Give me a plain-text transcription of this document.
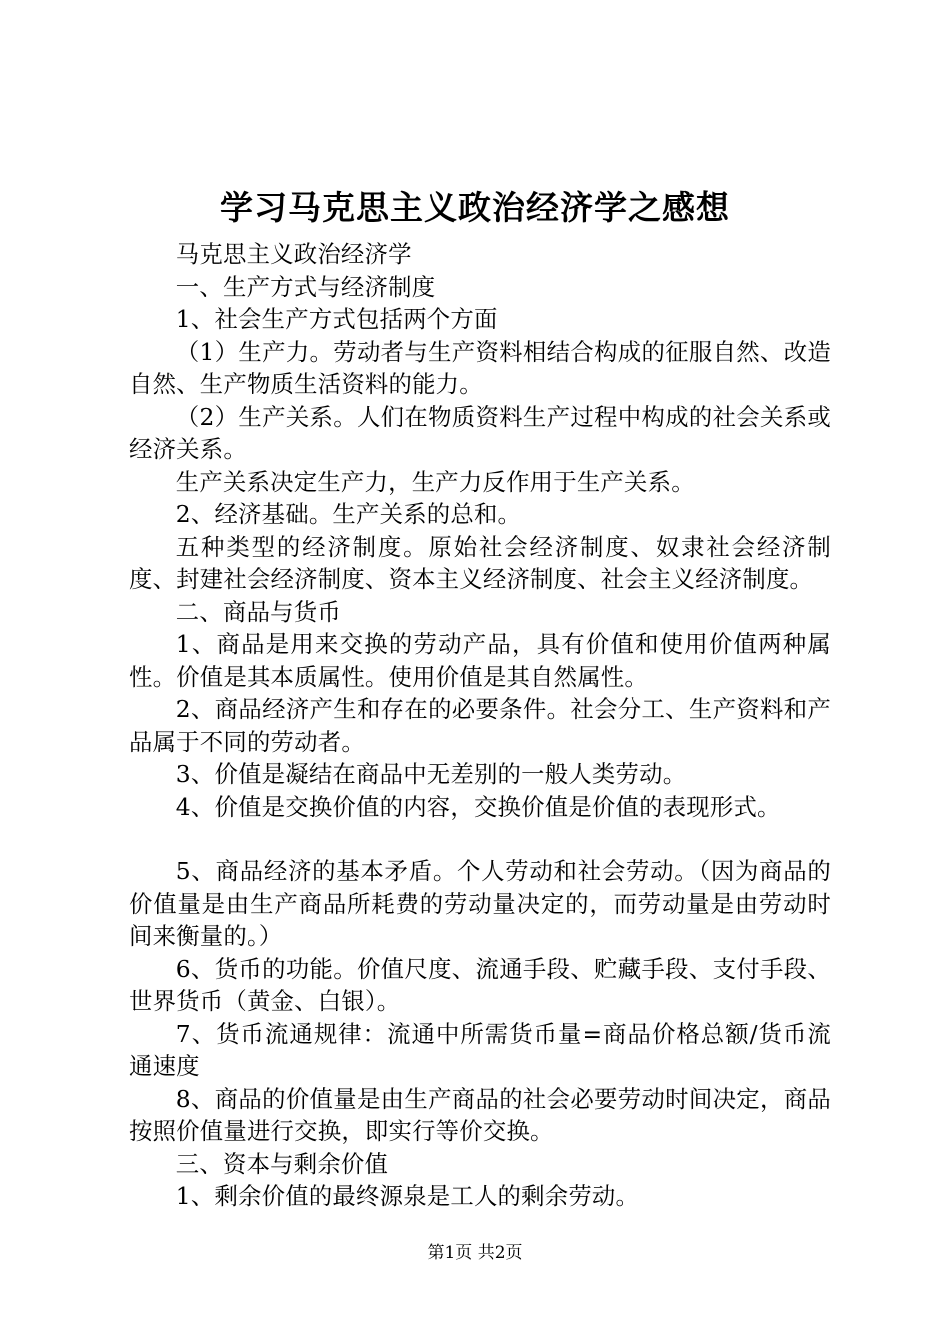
学习马克思主义政治经济学之感想

马克思主义政治经济学

一、生产方式与经济制度

1、社会生产方式包括两个方面

（1）生产力。劳动者与生产资料相结合构成的征服自然、改造自然、生产物质生活资料的能力。

（2）生产关系。人们在物质资料生产过程中构成的社会关系或经济关系。

生产关系决定生产力，生产力反作用于生产关系。

2、经济基础。生产关系的总和。

五种类型的经济制度。原始社会经济制度、奴隶社会经济制度、封建社会经济制度、资本主义经济制度、社会主义经济制度。

二、商品与货币

1、商品是用来交换的劳动产品，具有价值和使用价值两种属性。价值是其本质属性。使用价值是其自然属性。

2、商品经济产生和存在的必要条件。社会分工、生产资料和产品属于不同的劳动者。

3、价值是凝结在商品中无差别的一般人类劳动。

4、价值是交换价值的内容，交换价值是价值的表现形式。

5、商品经济的基本矛盾。个人劳动和社会劳动。（因为商品的价值量是由生产商品所耗费的劳动量决定的，而劳动量是由劳动时间来衡量的。）

6、货币的功能。价值尺度、流通手段、贮藏手段、支付手段、世界货币（黄金、白银）。

7、货币流通规律：流通中所需货币量=商品价格总额/货币流通速度

8、商品的价值量是由生产商品的社会必要劳动时间决定，商品按照价值量进行交换，即实行等价交换。

三、资本与剩余价值

1、剩余价值的最终源泉是工人的剩余劳动。

第1页 共2页
